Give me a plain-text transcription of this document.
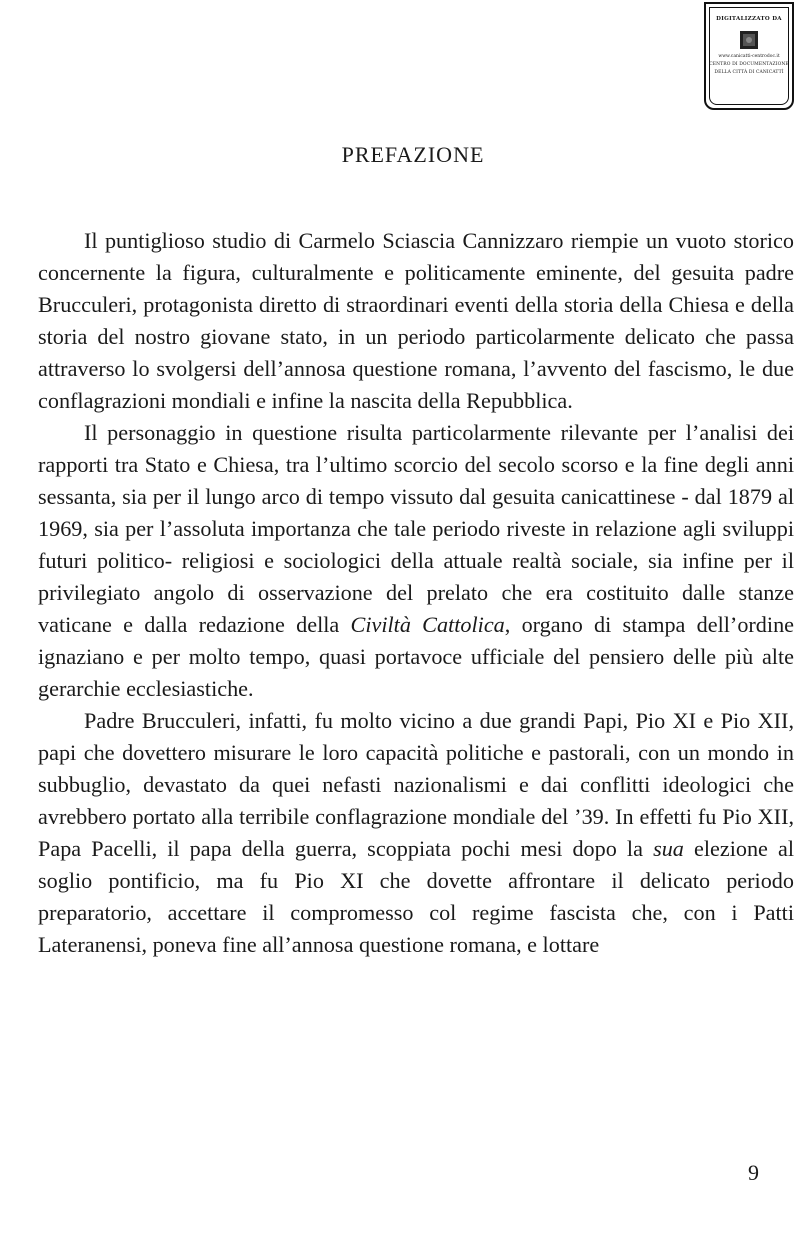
DIGITALIZZATO DA
www.canicatti-centrodoc.it
CENTRO DI DOCUMENTAZIONE
DELLA CITTÀ DI CANICATTÌ
PREFAZIONE

Il puntiglioso studio di Carmelo Sciascia Cannizzaro riempie un vuoto storico concernente la figura, culturalmente e politicamente eminente, del gesuita padre Brucculeri, protagonista diretto di straordinari eventi della storia della Chiesa e della storia del nostro giovane stato, in un periodo particolarmente delicato che passa attraverso lo svolgersi dell’annosa questione romana, l’avvento del fascismo, le due conflagrazioni mondiali e infine la nascita della Repubblica.

Il personaggio in questione risulta particolarmente rilevante per l’analisi dei rapporti tra Stato e Chiesa, tra l’ultimo scorcio del secolo scorso e la fine degli anni sessanta, sia per il lungo arco di tempo vissuto dal gesuita canicattinese - dal 1879 al 1969, sia per l’assoluta importanza che tale periodo riveste in relazione agli sviluppi futuri politico- religiosi e sociologici della attuale realtà sociale, sia infine per il privilegiato angolo di osservazione del prelato che era costituito dalle stanze vaticane e dalla redazione della Civiltà Cattolica, organo di stampa dell’ordine ignaziano e per molto tempo, quasi portavoce ufficiale del pensiero delle più alte gerarchie ecclesiastiche.

Padre Brucculeri, infatti, fu molto vicino a due grandi Papi, Pio XI e Pio XII, papi che dovettero misurare le loro capacità politiche e pastorali, con un mondo in subbuglio, devastato da quei nefasti nazionalismi e dai conflitti ideologici che avrebbero portato alla terribile conflagrazione mondiale del ’39. In effetti fu Pio XII, Papa Pacelli, il papa della guerra, scoppiata pochi mesi dopo la sua elezione al soglio pontificio, ma fu Pio XI che dovette affrontare il delicato periodo preparatorio, accettare il compromesso col regime fascista che, con i Patti Lateranensi, poneva fine all’annosa questione romana, e lottare

9
